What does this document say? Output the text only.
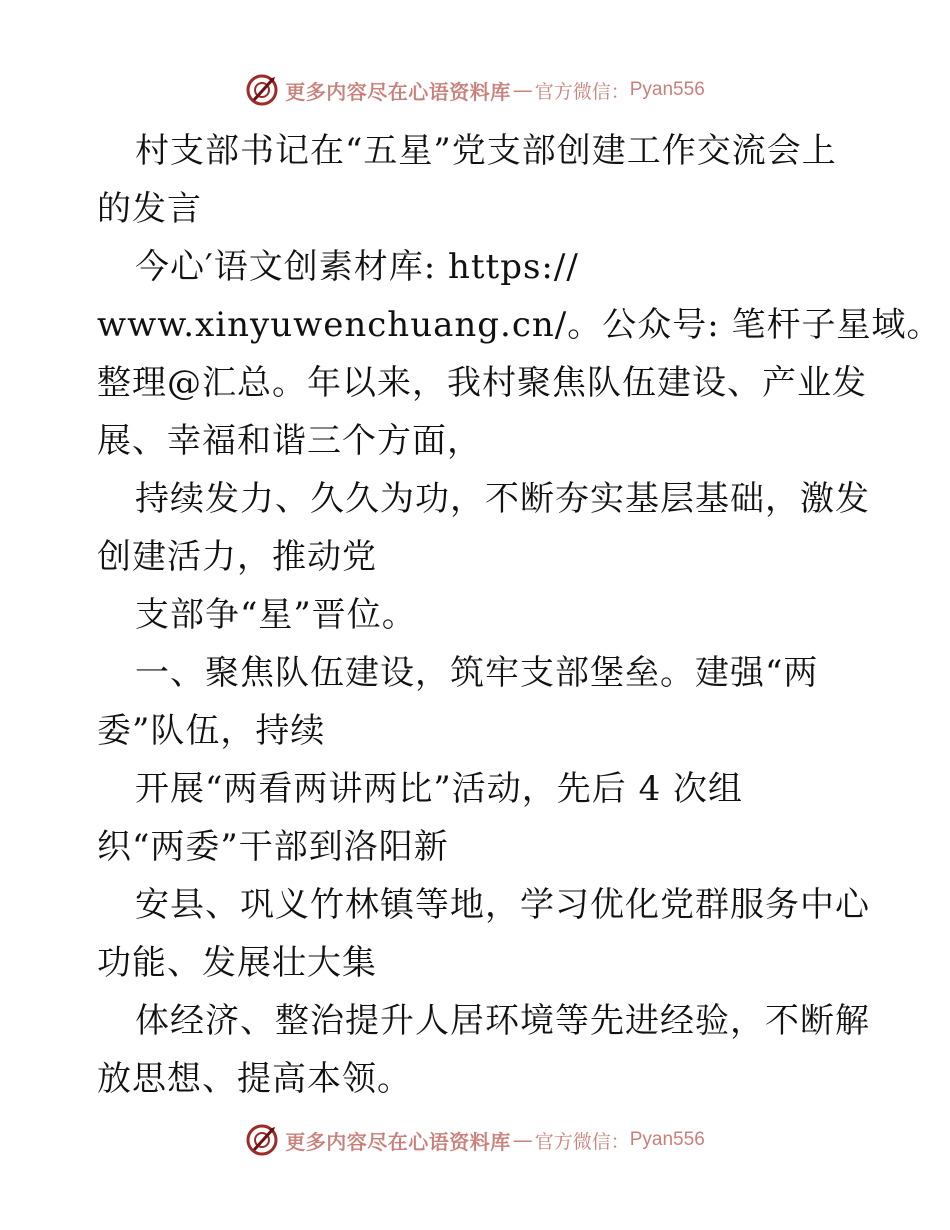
更多内容尽在心语资料库 — 官方微信： Pyan556
村支部书记在“五星”党支部创建工作交流会上
的发言
今心′语文创素材库: https://
www.xinyuwenchuang.cn/。公众号: 笔杆子星域。
整理@汇总。年以来，我村聚焦队伍建设、产业发
展、幸福和谐三个方面，
持续发力、久久为功，不断夯实基层基础，激发
创建活力，推动党
支部争“星”晋位。
一、聚焦队伍建设，筑牢支部堡垒。建强“两
委”队伍，持续
开展“两看两讲两比”活动，先后 4 次组
织“两委”干部到洛阳新
安县、巩义竹林镇等地，学习优化党群服务中心
功能、发展壮大集
体经济、整治提升人居环境等先进经验，不断解
放思想、提高本领。
更多内容尽在心语资料库 — 官方微信： Pyan556
